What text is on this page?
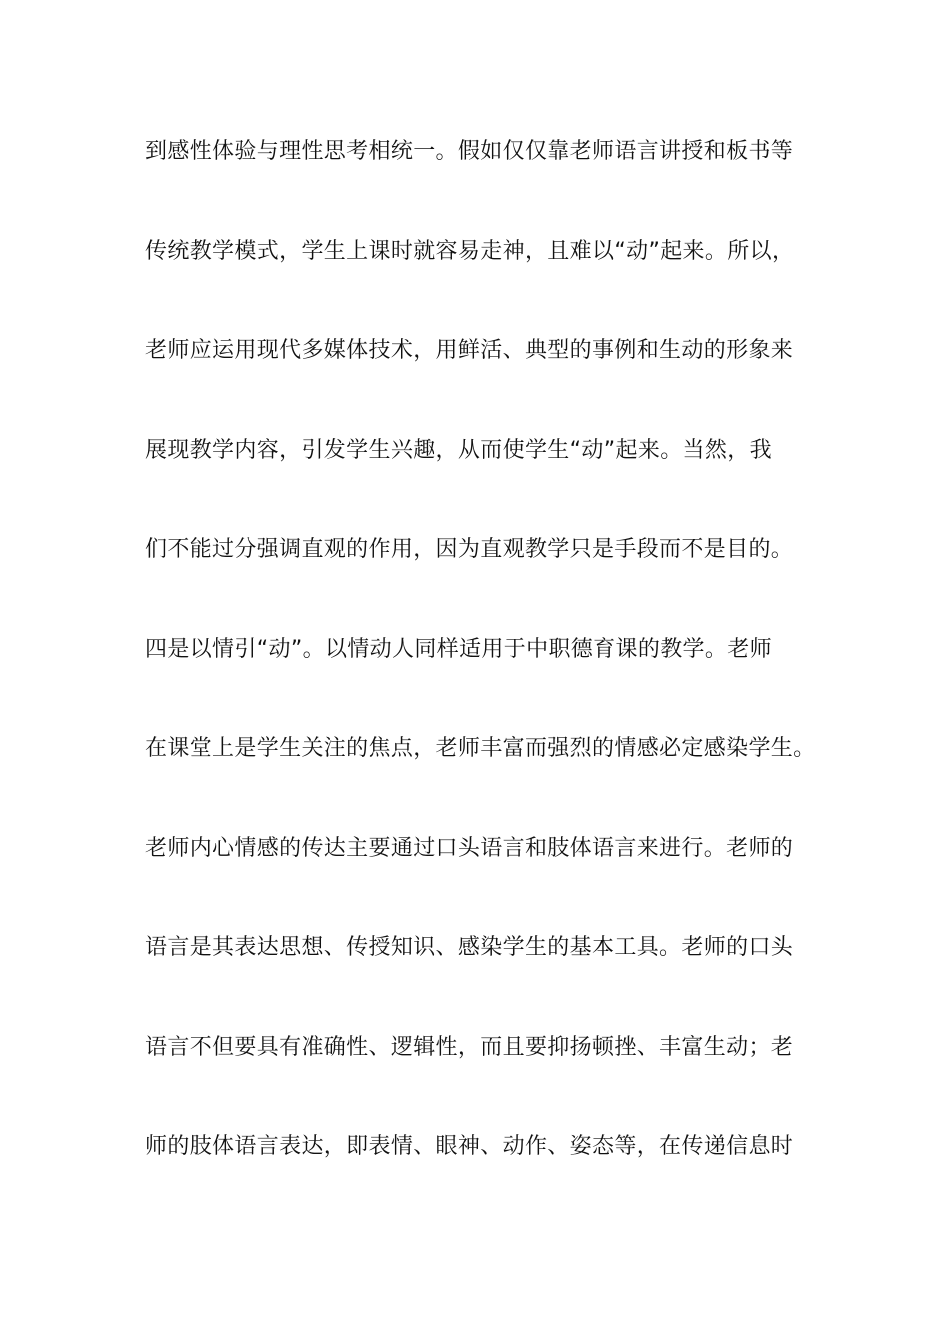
到感性体验与理性思考相统一。假如仅仅靠老师语言讲授和板书等
传统教学模式，学生上课时就容易走神，且难以“动”起来。所以，
老师应运用现代多媒体技术，用鲜活、典型的事例和生动的形象来
展现教学内容，引发学生兴趣，从而使学生“动”起来。当然，我
们不能过分强调直观的作用，因为直观教学只是手段而不是目的。
四是以情引“动”。以情动人同样适用于中职德育课的教学。老师
在课堂上是学生关注的焦点，老师丰富而强烈的情感必定感染学生。
老师内心情感的传达主要通过口头语言和肢体语言来进行。老师的
语言是其表达思想、传授知识、感染学生的基本工具。老师的口头
语言不但要具有准确性、逻辑性，而且要抑扬顿挫、丰富生动；老
师的肢体语言表达，即表情、眼神、动作、姿态等，在传递信息时
